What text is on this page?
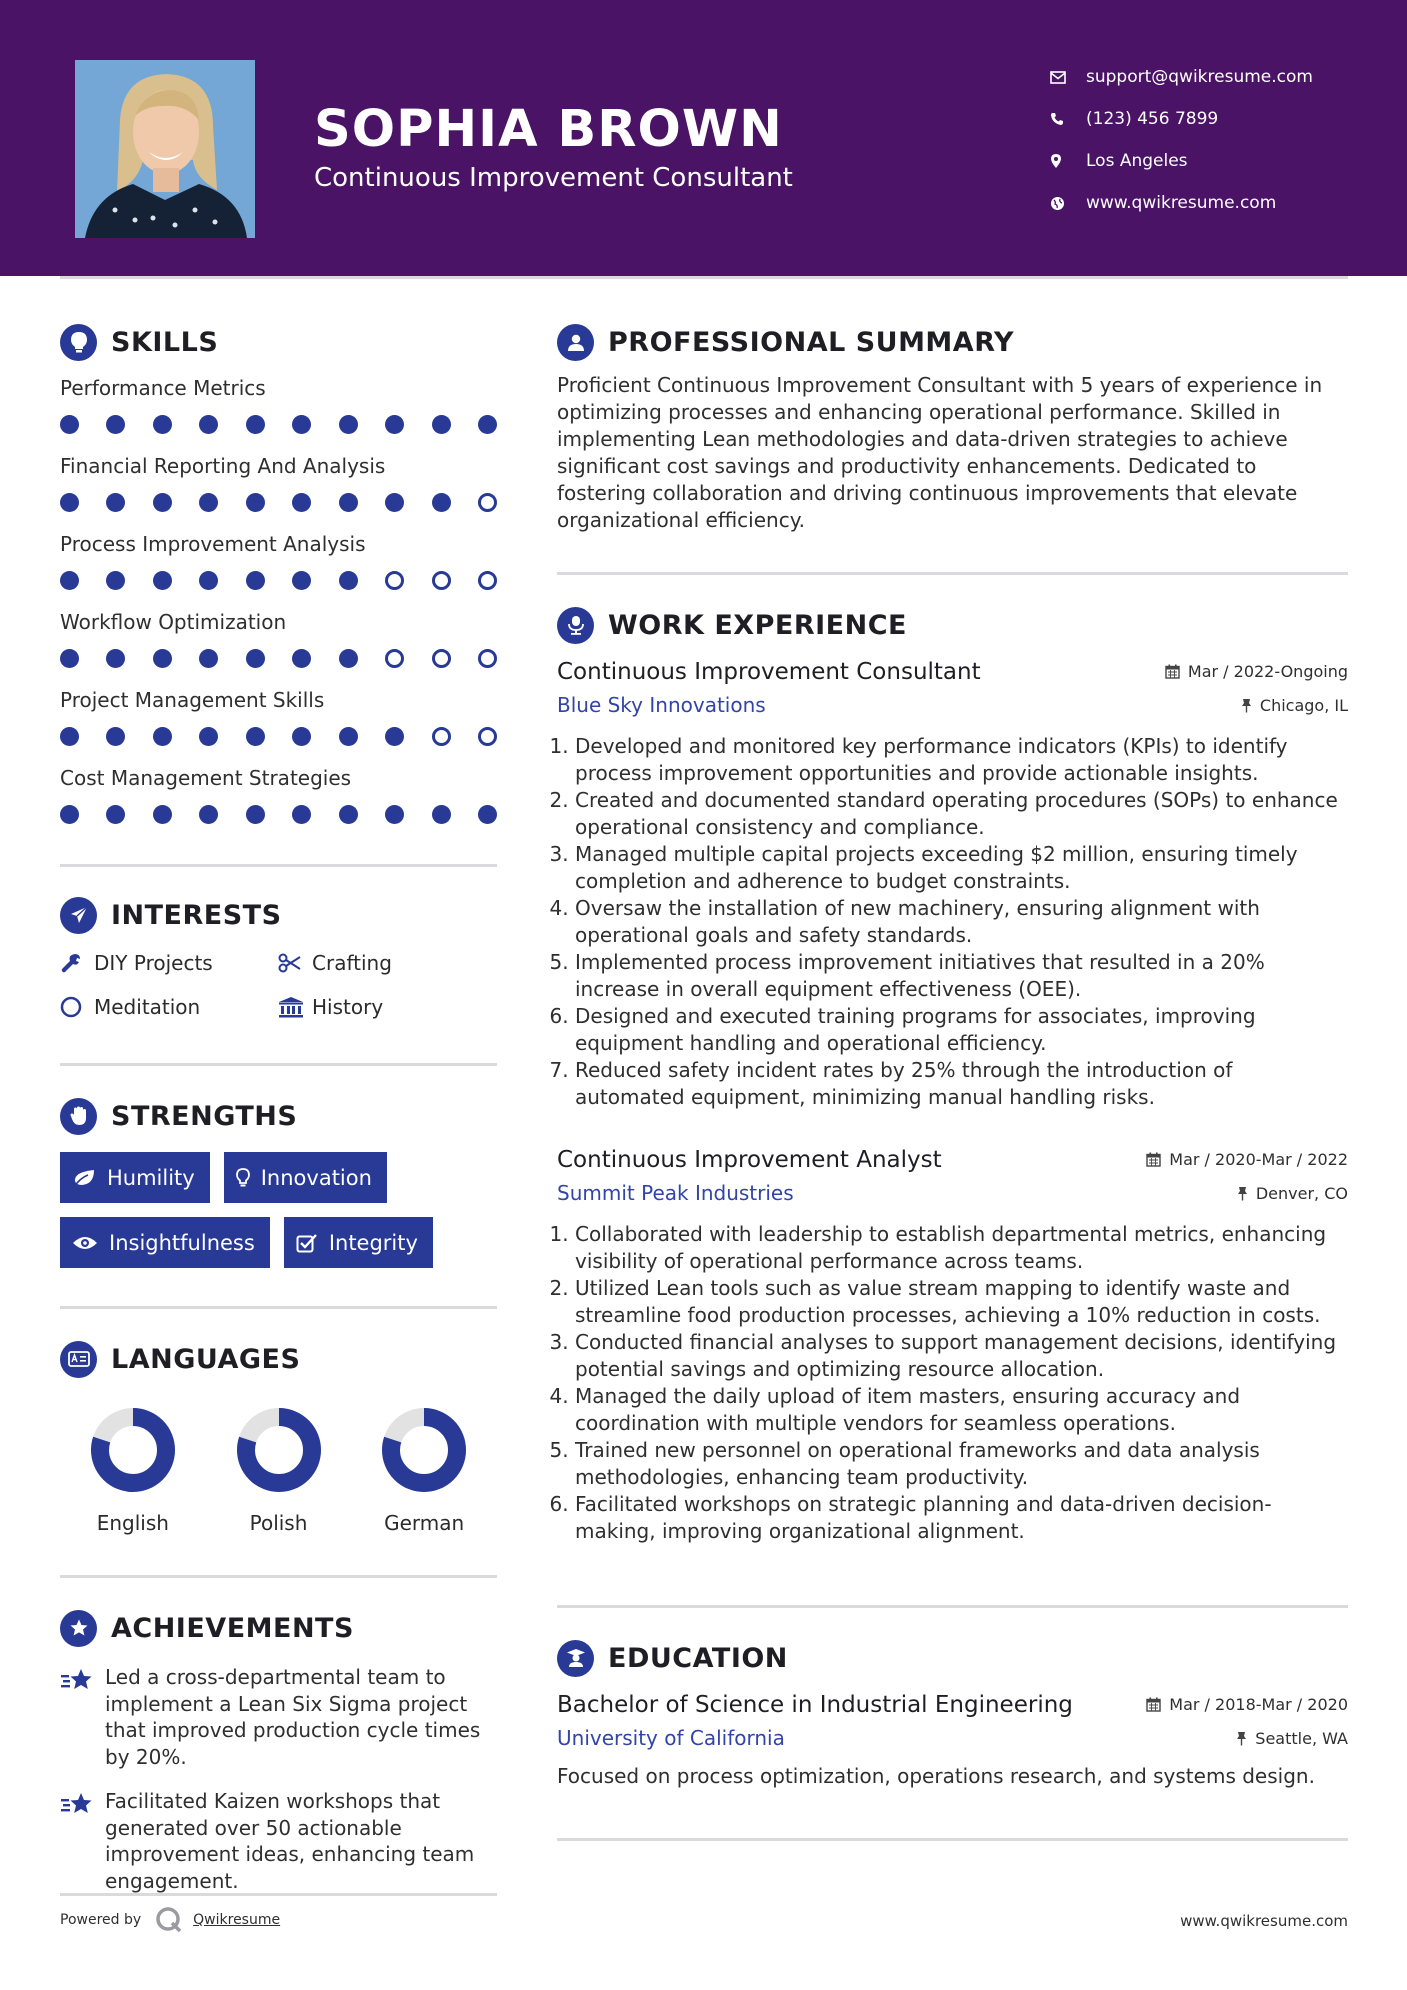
SOPHIA BROWN
Continuous Improvement Consultant
support@qwikresume.com
(123) 456 7899
Los Angeles
www.qwikresume.com
SKILLS
Performance Metrics
Financial Reporting And Analysis
Process Improvement Analysis
Workflow Optimization
Project Management Skills
Cost Management Strategies
INTERESTS
DIY Projects	Crafting
Meditation	History
STRENGTHS
Humility	Innovation
Insightfulness	Integrity
LANGUAGES
English	Polish	German
ACHIEVEMENTS
Led a cross-departmental team to implement a Lean Six Sigma project that improved production cycle times by 20%.
Facilitated Kaizen workshops that generated over 50 actionable improvement ideas, enhancing team engagement.
PROFESSIONAL SUMMARY
Proficient Continuous Improvement Consultant with 5 years of experience in optimizing processes and enhancing operational performance. Skilled in implementing Lean methodologies and data-driven strategies to achieve significant cost savings and productivity enhancements. Dedicated to fostering collaboration and driving continuous improvements that elevate organizational efficiency.
WORK EXPERIENCE
Continuous Improvement Consultant	Mar / 2022-Ongoing
Blue Sky Innovations	Chicago, IL
1. Developed and monitored key performance indicators (KPIs) to identify process improvement opportunities and provide actionable insights.
2. Created and documented standard operating procedures (SOPs) to enhance operational consistency and compliance.
3. Managed multiple capital projects exceeding $2 million, ensuring timely completion and adherence to budget constraints.
4. Oversaw the installation of new machinery, ensuring alignment with operational goals and safety standards.
5. Implemented process improvement initiatives that resulted in a 20% increase in overall equipment effectiveness (OEE).
6. Designed and executed training programs for associates, improving equipment handling and operational efficiency.
7. Reduced safety incident rates by 25% through the introduction of automated equipment, minimizing manual handling risks.
Continuous Improvement Analyst	Mar / 2020-Mar / 2022
Summit Peak Industries	Denver, CO
1. Collaborated with leadership to establish departmental metrics, enhancing visibility of operational performance across teams.
2. Utilized Lean tools such as value stream mapping to identify waste and streamline food production processes, achieving a 10% reduction in costs.
3. Conducted financial analyses to support management decisions, identifying potential savings and optimizing resource allocation.
4. Managed the daily upload of item masters, ensuring accuracy and coordination with multiple vendors for seamless operations.
5. Trained new personnel on operational frameworks and data analysis methodologies, enhancing team productivity.
6. Facilitated workshops on strategic planning and data-driven decision-making, improving organizational alignment.
EDUCATION
Bachelor of Science in Industrial Engineering	Mar / 2018-Mar / 2020
University of California	Seattle, WA
Focused on process optimization, operations research, and systems design.
Powered by	Qwikresume	www.qwikresume.com
